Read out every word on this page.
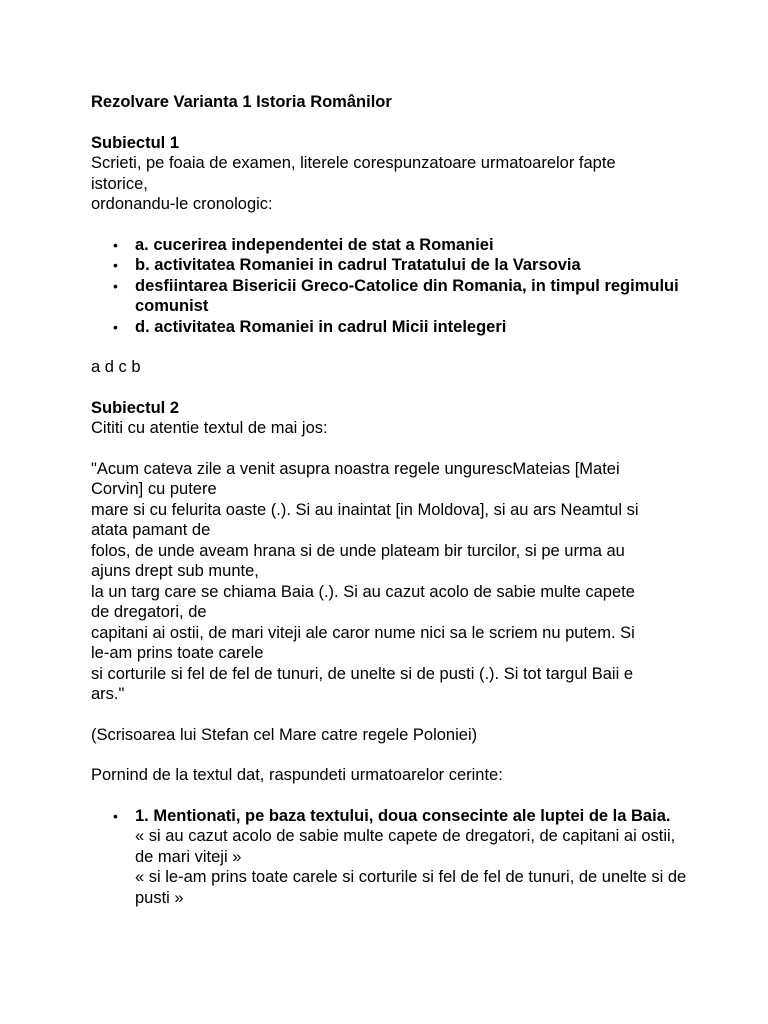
Rezolvare Varianta 1 Istoria Românilor

Subiectul 1

Scrieti, pe foaia de examen, literele corespunzatoare urmatoarelor fapte
istorice,
ordonandu-le cronologic:
• a. cucerirea independentei de stat a Romaniei
• b. activitatea Romaniei in cadrul Tratatului de la Varsovia
• desfiintarea Bisericii Greco-Catolice din Romania, in timpul regimului comunist
• d. activitatea Romaniei in cadrul Micii intelegeri

a d c b

Subiectul 2

Cititi cu atentie textul de mai jos:

"Acum cateva zile a venit asupra noastra regele ungurescMateias [Matei
Corvin] cu putere
mare si cu felurita oaste (.). Si au inaintat [in Moldova], si au ars Neamtul si
atata pamant de
folos, de unde aveam hrana si de unde plateam bir turcilor, si pe urma au
ajuns drept sub munte,
la un targ care se chiama Baia (.). Si au cazut acolo de sabie multe capete
de dregatori, de
capitani ai ostii, de mari viteji ale caror nume nici sa le scriem nu putem. Si
le-am prins toate carele
si corturile si fel de fel de tunuri, de unelte si de pusti (.). Si tot targul Baii e
ars."

(Scrisoarea lui Stefan cel Mare catre regele Poloniei)

Pornind de la textul dat, raspundeti urmatoarelor cerinte:

• 1. Mentionati, pe baza textului, doua consecinte ale luptei de la Baia.
« si au cazut acolo de sabie multe capete de dregatori, de capitani ai ostii, de mari viteji »
« si le-am prins toate carele si corturile si fel de fel de tunuri, de unelte si de pusti »
